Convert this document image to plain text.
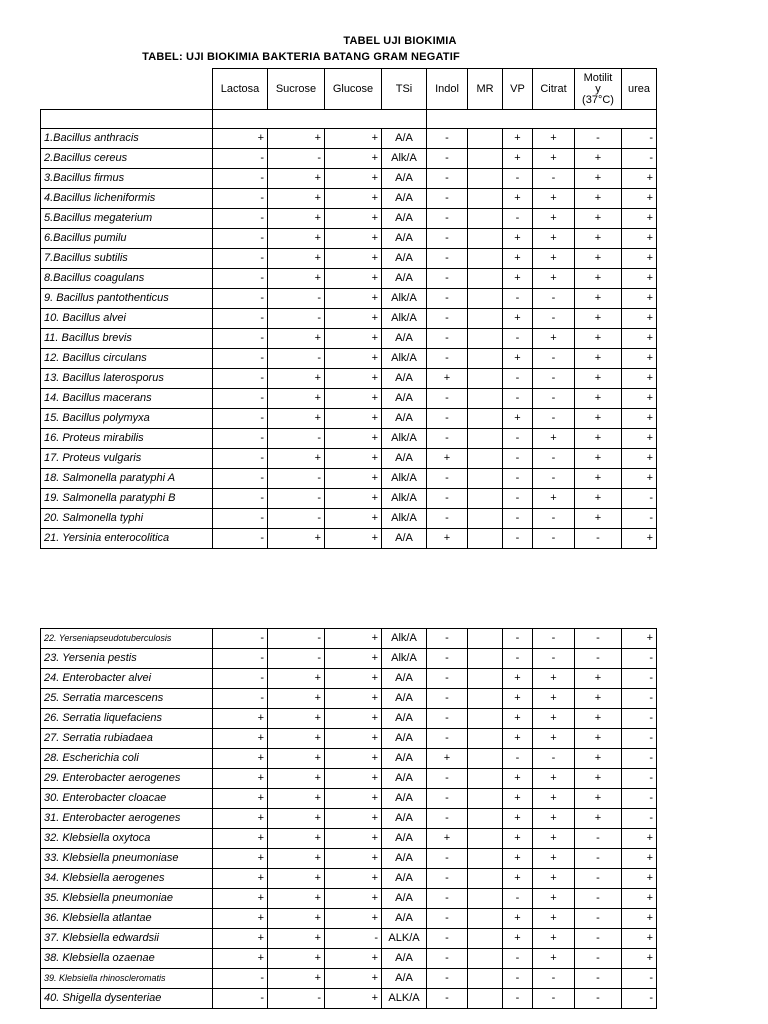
TABEL UJI BIOKIMIA
TABEL: UJI BIOKIMIA BAKTERIA BATANG GRAM NEGATIF
	Lactosa	Sucrose	Glucose	TSi	Indol	MR	VP	Citrat	Motilit
y
(37°C)	urea

1.Bacillus anthracis	+	+	+	A/A	-		+	+	-	-
2.Bacillus cereus	-	-	+	Alk/A	-		+	+	+	-
3.Bacillus firmus	-	+	+	A/A	-		-	-	+	+
4.Bacillus licheniformis	-	+	+	A/A	-		+	+	+	+
5.Bacillus megaterium	-	+	+	A/A	-		-	+	+	+
6.Bacillus pumilu	-	+	+	A/A	-		+	+	+	+
7.Bacillus subtilis	-	+	+	A/A	-		+	+	+	+
8.Bacillus coagulans	-	+	+	A/A	-		+	+	+	+
9. Bacillus pantothenticus	-	-	+	Alk/A	-		-	-	+	+
10. Bacillus alvei	-	-	+	Alk/A	-		+	-	+	+
11. Bacillus brevis	-	+	+	A/A	-		-	+	+	+
12. Bacillus circulans	-	-	+	Alk/A	-		+	-	+	+
13. Bacillus laterosporus	-	+	+	A/A	+		-	-	+	+
14. Bacillus macerans	-	+	+	A/A	-		-	-	+	+
15. Bacillus polymyxa	-	+	+	A/A	-		+	-	+	+
16. Proteus mirabilis	-	-	+	Alk/A	-		-	+	+	+
17. Proteus vulgaris	-	+	+	A/A	+		-	-	+	+
18. Salmonella paratyphi A	-	-	+	Alk/A	-		-	-	+	+
19. Salmonella paratyphi B	-	-	+	Alk/A	-		-	+	+	-
20. Salmonella typhi	-	-	+	Alk/A	-		-	-	+	-
21. Yersinia enterocolitica	-	+	+	A/A	+		-	-	-	+
22. Yerseniapseudotuberculosis	-	-	+	Alk/A	-		-	-	-	+
23. Yersenia pestis	-	-	+	Alk/A	-		-	-	-	-
24. Enterobacter alvei	-	+	+	A/A	-		+	+	+	-
25. Serratia marcescens	-	+	+	A/A	-		+	+	+	-
26. Serratia liquefaciens	+	+	+	A/A	-		+	+	+	-
27. Serratia rubiadaea	+	+	+	A/A	-		+	+	+	-
28. Escherichia coli	+	+	+	A/A	+		-	-	+	-
29. Enterobacter aerogenes	+	+	+	A/A	-		+	+	+	-
30. Enterobacter cloacae	+	+	+	A/A	-		+	+	+	-
31. Enterobacter aerogenes	+	+	+	A/A	-		+	+	+	-
32. Klebsiella oxytoca	+	+	+	A/A	+		+	+	-	+
33. Klebsiella pneumoniase	+	+	+	A/A	-		+	+	-	+
34. Klebsiella aerogenes	+	+	+	A/A	-		+	+	-	+
35. Klebsiella pneumoniae	+	+	+	A/A	-		-	+	-	+
36. Klebsiella atlantae	+	+	+	A/A	-		+	+	-	+
37. Klebsiella edwardsii	+	+	-	ALK/A	-		+	+	-	+
38. Klebsiella ozaenae	+	+	+	A/A	-		-	+	-	+
39. Klebsiella rhinoscleromatis	-	+	+	A/A	-		-	-	-	-
40. Shigella dysenteriae	-	-	+	ALK/A	-		-	-	-	-
